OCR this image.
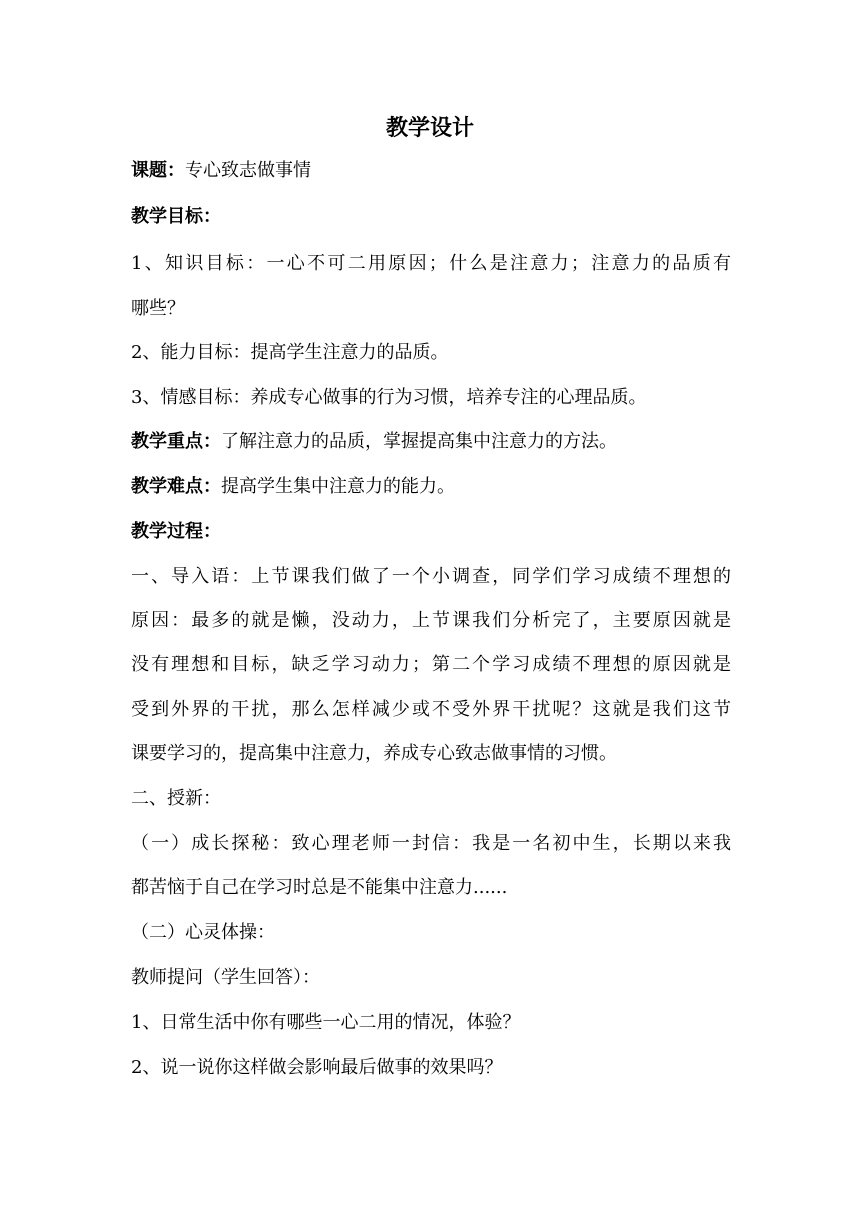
教学设计
课题：专心致志做事情
教学目标：
1、知识目标：一心不可二用原因；什么是注意力；注意力的品质有
哪些？
2、能力目标：提高学生注意力的品质。
3、情感目标：养成专心做事的行为习惯，培养专注的心理品质。
教学重点：了解注意力的品质，掌握提高集中注意力的方法。
教学难点：提高学生集中注意力的能力。
教学过程：
一、导入语：上节课我们做了一个小调查，同学们学习成绩不理想的
原因：最多的就是懒，没动力，上节课我们分析完了，主要原因就是
没有理想和目标，缺乏学习动力；第二个学习成绩不理想的原因就是
受到外界的干扰，那么怎样减少或不受外界干扰呢？这就是我们这节
课要学习的，提高集中注意力，养成专心致志做事情的习惯。
二、授新：
（一）成长探秘：致心理老师一封信：我是一名初中生，长期以来我
都苦恼于自己在学习时总是不能集中注意力......
（二）心灵体操：
教师提问（学生回答）：
1、日常生活中你有哪些一心二用的情况，体验？
2、说一说你这样做会影响最后做事的效果吗？
